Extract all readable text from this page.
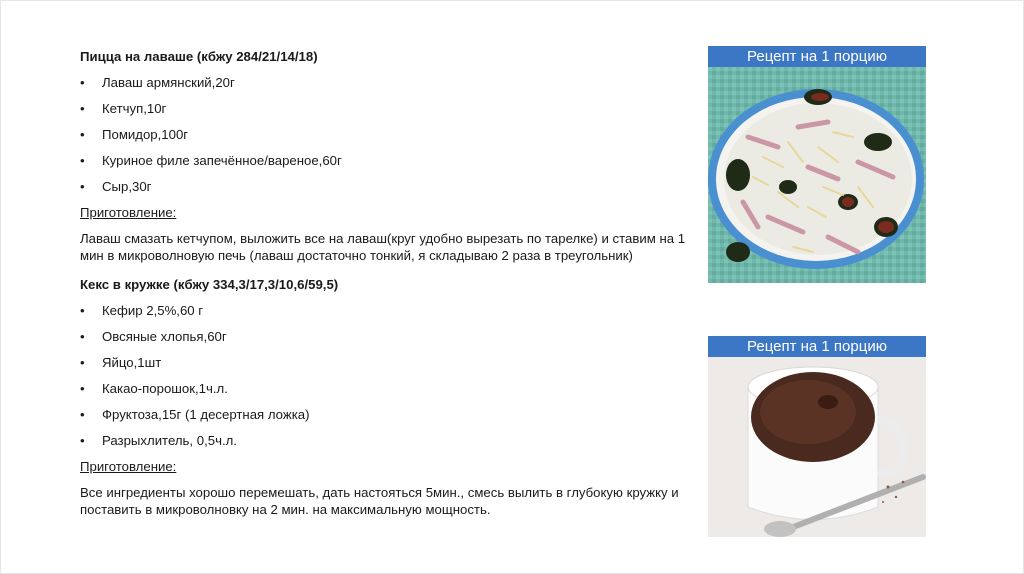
Пицца на лаваше (кбжу 284/21/14/18)

• Лаваш армянский,20г
• Кетчуп,10г
• Помидор,100г
• Куриное филе запечённое/вареное,60г
• Сыр,30г
Приготовление:
Лаваш смазать кетчупом, выложить все на лаваш(круг удобно вырезать по тарелке) и ставим на 1 мин в микроволновую печь (лаваш достаточно тонкий, я складываю 2 раза в треугольник)

Кекс в кружке (кбжу 334,3/17,3/10,6/59,5)

• Кефир 2,5%,60 г
• Овсяные хлопья,60г
• Яйцо,1шт
• Какао-порошок,1ч.л.
• Фруктоза,15г (1 десертная ложка)
• Разрыхлитель, 0,5ч.л.
Приготовление:
Все ингредиенты хорошо перемешать, дать настояться 5мин., смесь вылить в глубокую кружку и поставить в микроволновку на 2 мин. на максимальную мощность.
Рецепт на 1 порцию
Рецепт на 1 порцию
